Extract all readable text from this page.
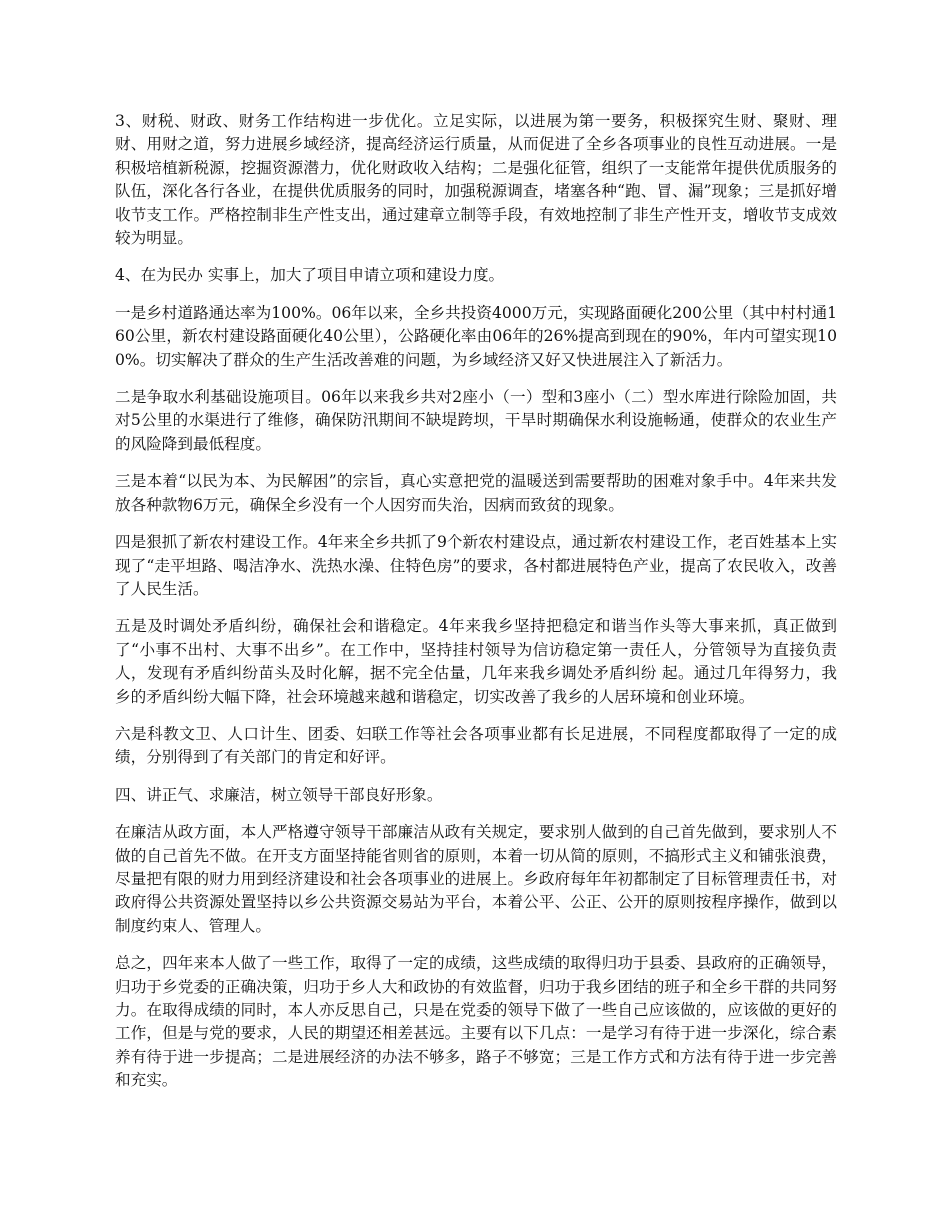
3、财税、财政、财务工作结构进一步优化。立足实际，以进展为第一要务，积极探究生财、聚财、理财、用财之道，努力进展乡域经济，提高经济运行质量，从而促进了全乡各项事业的良性互动进展。一是积极培植新税源，挖掘资源潜力，优化财政收入结构；二是强化征管，组织了一支能常年提供优质服务的队伍，深化各行各业，在提供优质服务的同时，加强税源调查，堵塞各种“跑、冒、漏”现象；三是抓好增收节支工作。严格控制非生产性支出，通过建章立制等手段，有效地控制了非生产性开支，增收节支成效较为明显。

4、在为民办 实事上，加大了项目申请立项和建设力度。

一是乡村道路通达率为100%。06年以来，全乡共投资4000万元，实现路面硬化200公里（其中村村通160公里，新农村建设路面硬化40公里），公路硬化率由06年的26%提高到现在的90%，年内可望实现100%。切实解决了群众的生产生活改善难的问题，为乡域经济又好又快进展注入了新活力。

二是争取水利基础设施项目。06年以来我乡共对2座小（一）型和3座小（二）型水库进行除险加固，共对5公里的水渠进行了维修，确保防汛期间不缺堤跨坝，干旱时期确保水利设施畅通，使群众的农业生产的风险降到最低程度。

三是本着“以民为本、为民解困”的宗旨，真心实意把党的温暖送到需要帮助的困难对象手中。4年来共发放各种款物6万元，确保全乡没有一个人因穷而失治，因病而致贫的现象。

四是狠抓了新农村建设工作。4年来全乡共抓了9个新农村建设点，通过新农村建设工作，老百姓基本上实现了“走平坦路、喝洁净水、洗热水澡、住特色房”的要求，各村都进展特色产业，提高了农民收入，改善了人民生活。

五是及时调处矛盾纠纷，确保社会和谐稳定。4年来我乡坚持把稳定和谐当作头等大事来抓，真正做到了“小事不出村、大事不出乡”。在工作中，坚持挂村领导为信访稳定第一责任人，分管领导为直接负责人，发现有矛盾纠纷苗头及时化解，据不完全估量，几年来我乡调处矛盾纠纷 起。通过几年得努力，我乡的矛盾纠纷大幅下降，社会环境越来越和谐稳定，切实改善了我乡的人居环境和创业环境。

六是科教文卫、人口计生、团委、妇联工作等社会各项事业都有长足进展，不同程度都取得了一定的成绩，分别得到了有关部门的肯定和好评。

四、讲正气、求廉洁，树立领导干部良好形象。

在廉洁从政方面，本人严格遵守领导干部廉洁从政有关规定，要求别人做到的自己首先做到，要求别人不做的自己首先不做。在开支方面坚持能省则省的原则，本着一切从简的原则，不搞形式主义和铺张浪费，尽量把有限的财力用到经济建设和社会各项事业的进展上。乡政府每年年初都制定了目标管理责任书，对政府得公共资源处置坚持以乡公共资源交易站为平台，本着公平、公正、公开的原则按程序操作，做到以制度约束人、管理人。

总之，四年来本人做了一些工作，取得了一定的成绩，这些成绩的取得归功于县委、县政府的正确领导，归功于乡党委的正确决策，归功于乡人大和政协的有效监督，归功于我乡团结的班子和全乡干群的共同努力。在取得成绩的同时，本人亦反思自己，只是在党委的领导下做了一些自己应该做的，应该做的更好的工作，但是与党的要求，人民的期望还相差甚远。主要有以下几点：一是学习有待于进一步深化，综合素养有待于进一步提高；二是进展经济的办法不够多，路子不够宽；三是工作方式和方法有待于进一步完善和充实。
